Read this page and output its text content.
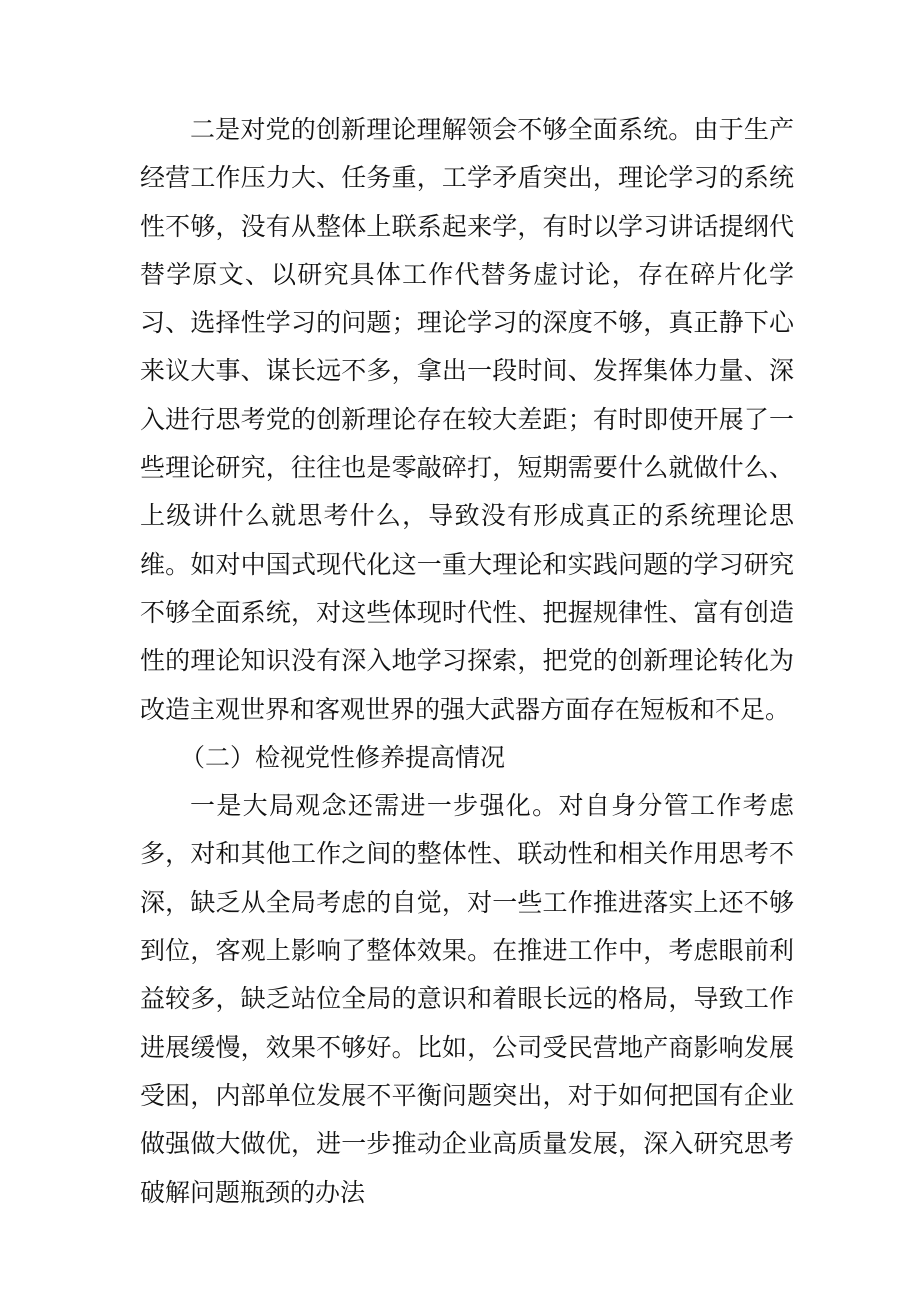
二是对党的创新理论理解领会不够全面系统。由于生产经营工作压力大、任务重，工学矛盾突出，理论学习的系统性不够，没有从整体上联系起来学，有时以学习讲话提纲代替学原文、以研究具体工作代替务虚讨论，存在碎片化学习、选择性学习的问题；理论学习的深度不够，真正静下心来议大事、谋长远不多，拿出一段时间、发挥集体力量、深入进行思考党的创新理论存在较大差距；有时即使开展了一些理论研究，往往也是零敲碎打，短期需要什么就做什么、上级讲什么就思考什么，导致没有形成真正的系统理论思维。如对中国式现代化这一重大理论和实践问题的学习研究不够全面系统，对这些体现时代性、把握规律性、富有创造性的理论知识没有深入地学习探索，把党的创新理论转化为改造主观世界和客观世界的强大武器方面存在短板和不足。

（二）检视党性修养提高情况

一是大局观念还需进一步强化。对自身分管工作考虑多，对和其他工作之间的整体性、联动性和相关作用思考不深，缺乏从全局考虑的自觉，对一些工作推进落实上还不够到位，客观上影响了整体效果。在推进工作中，考虑眼前利益较多，缺乏站位全局的意识和着眼长远的格局，导致工作进展缓慢，效果不够好。比如，公司受民营地产商影响发展受困，内部单位发展不平衡问题突出，对于如何把国有企业做强做大做优，进一步推动企业高质量发展，深入研究思考破解问题瓶颈的办法
